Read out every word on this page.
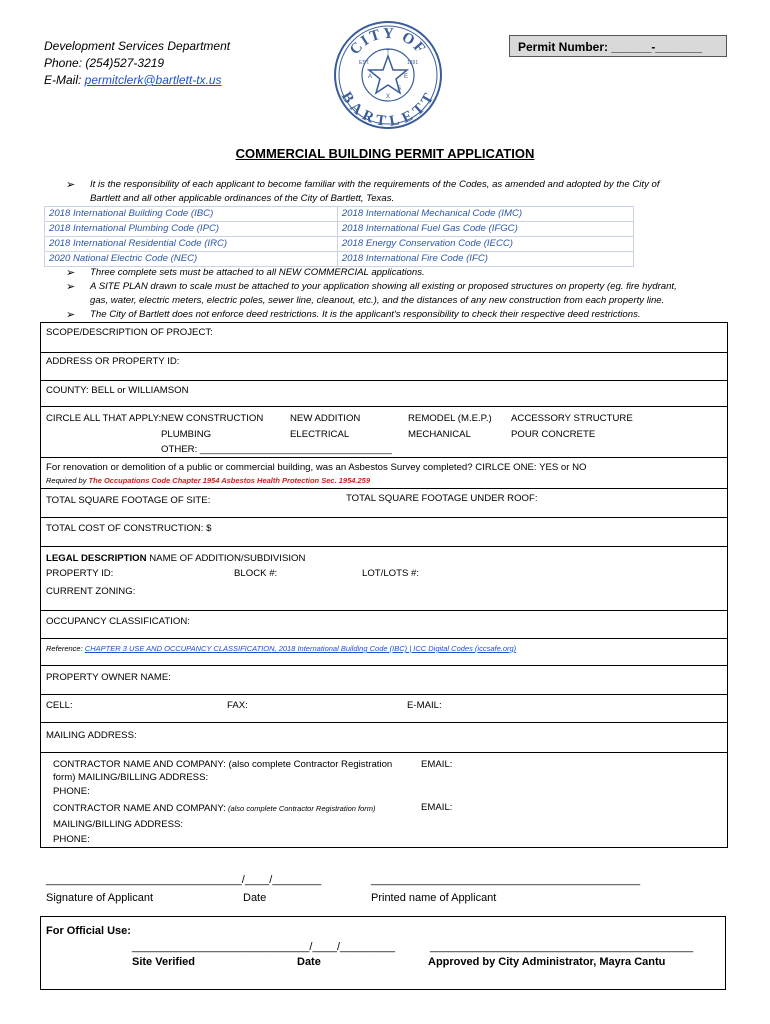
Development Services Department
Phone: (254)527-3219
E-Mail: permitclerk@bartlett-tx.us
CITY OF
BARTLETT
EST.	1891
T
E
X
A
S
Permit Number: ______-_______
COMMERCIAL BUILDING PERMIT APPLICATION
➢ It is the responsibility of each applicant to become familiar with the requirements of the Codes, as amended and adopted by the City of
Bartlett and all other applicable ordinances of the City of Bartlett, Texas.
2018 International Building Code (IBC)	2018 International Mechanical Code (IMC)
2018 International Plumbing Code (IPC)	2018 International Fuel Gas Code (IFGC)
2018 International Residential Code (IRC)	2018 Energy Conservation Code (IECC)
2020 National Electric Code (NEC)	2018 International Fire Code (IFC)
➢ Three complete sets must be attached to all NEW COMMERCIAL applications.
➢ A SITE PLAN drawn to scale must be attached to your application showing all existing or proposed structures on property (eg. fire hydrant,
gas, water, electric meters, electric poles, sewer line, cleanout, etc.), and the distances of any new construction from each property line.
➢ The City of Bartlett does not enforce deed restrictions. It is the applicant's responsibility to check their respective deed restrictions.
SCOPE/DESCRIPTION OF PROJECT:
ADDRESS OR PROPERTY ID:
COUNTY: BELL or WILLIAMSON
CIRCLE ALL THAT APPLY: NEW CONSTRUCTION	NEW ADDITION	REMODEL (M.E.P.) ACCESSORY STRUCTURE
PLUMBING	ELECTRICAL	MECHANICAL	POUR CONCRETE
OTHER: ____________________________________
For renovation or demolition of a public or commercial building, was an Asbestos Survey completed? CIRLCE ONE: YES or NO
Required by The Occupations Code Chapter 1954 Asbestos Health Protection Sec. 1954.259
TOTAL SQUARE FOOTAGE OF SITE:	TOTAL SQUARE FOOTAGE UNDER ROOF:
TOTAL COST OF CONSTRUCTION: $
LEGAL DESCRIPTION NAME OF ADDITION/SUBDIVISION
PROPERTY ID:	BLOCK #:	LOT/LOTS #:
CURRENT ZONING:
OCCUPANCY CLASSIFICATION:
Reference: CHAPTER 3 USE AND OCCUPANCY CLASSIFICATION, 2018 International Building Code (IBC) | ICC Digital Codes (iccsafe.org)
PROPERTY OWNER NAME:
CELL:	FAX:	E-MAIL:
MAILING ADDRESS:
CONTRACTOR NAME AND COMPANY: (also complete Contractor Registration
form) MAILING/BILLING ADDRESS:
PHONE:
EMAIL:
CONTRACTOR NAME AND COMPANY: (also complete Contractor Registration form)	EMAIL:
MAILING/BILLING ADDRESS:
PHONE:
________________________________/____/________	____________________________________________
Signature of Applicant	Date	Printed name of Applicant
For Official Use:
_____________________________/____/_________	___________________________________________
Site Verified	Date	Approved by City Administrator, Mayra Cantu
